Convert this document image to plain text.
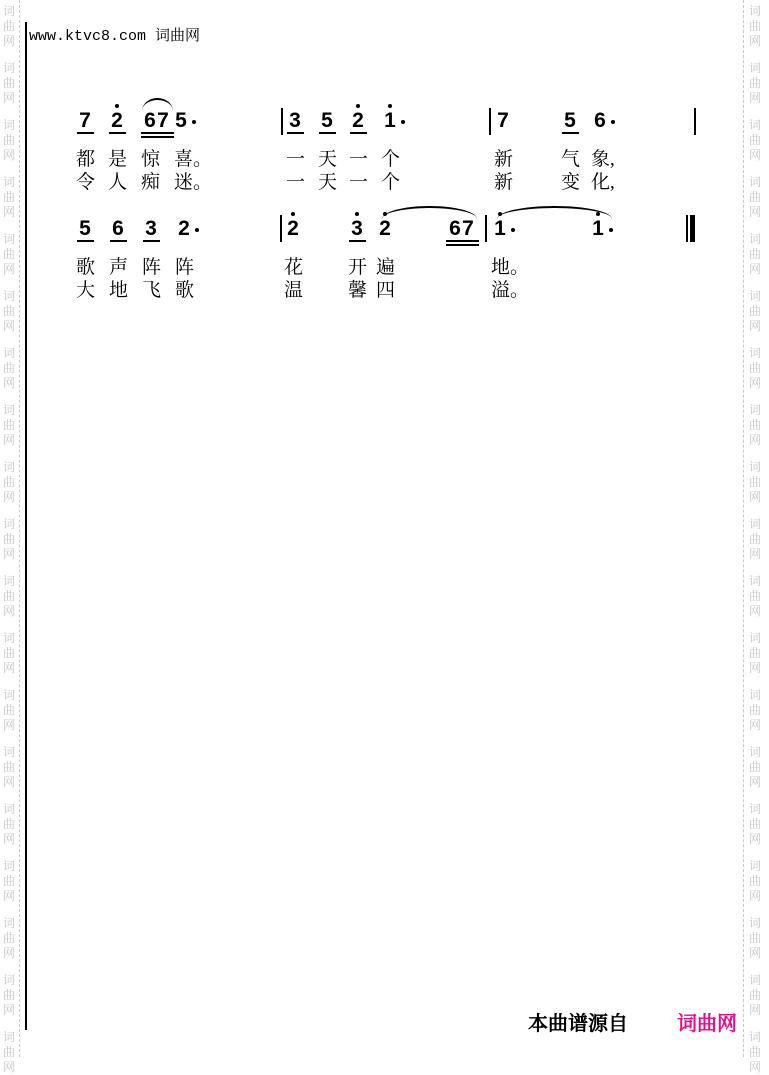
www.ktvc8.com 词曲网
词
曲
网
词
曲
网
词
曲
网
词
曲
网
词
曲
网
词
曲
网
词
曲
网
词
曲
网
词
曲
网
词
曲
网
词
曲
网
词
曲
网
词
曲
网
词
曲
网
词
曲
网
词
曲
网
词
曲
网
词
曲
网
词
曲
网
词
曲
网
词
曲
网
词
曲
网
词
曲
网
词
曲
网
词
曲
网
词
曲
网
词
曲
网
词
曲
网
词
曲
网
词
曲
网
词
曲
网
词
曲
网
词
曲
网
词
曲
网
词
曲
网
词
曲
网
词
曲
网
词
曲
网
7 2 6 7 5	3 5 2 1	7	5 6
都 是 惊 喜。	一 天 一 个	新	气 象,
令 人 痴 迷。	一 天 一 个	新	变 化,
5 6 3 2	2 3 2	6 7 1	1
歌 声 阵 阵	花 开 遍	地。
大 地 飞 歌	温 馨 四	溢。
本曲谱源自 词曲网
